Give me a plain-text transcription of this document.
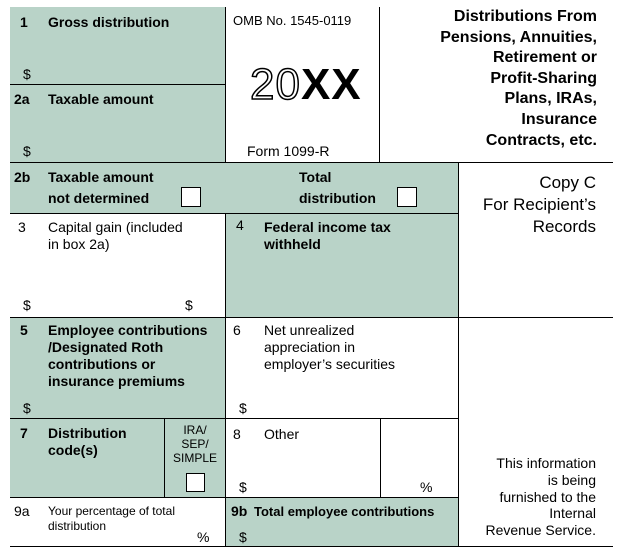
1 Gross distribution
$
2a Taxable amount
$
OMB No. 1545-0119
20XX
Form 1099-R
Distributions From
Pensions, Annuities,
Retirement or
Profit-Sharing
Plans, IRAs,
Insurance
Contracts, etc.
2b Taxable amount
not determined
Total
distribution
Copy C
For Recipient’s
Records
3 Capital gain (included
in box 2a)
$	$
4 Federal income tax
withheld
5 Employee contributions
/Designated Roth
contributions or
insurance premiums
$
6 Net unrealized
appreciation in
employer’s securities
$
7 Distribution
code(s)
IRA/
SEP/
SIMPLE
8 Other
$	%
This information
is being
furnished to the
Internal
Revenue Service.
9a Your percentage of total
distribution
%
9b Total employee contributions
$
